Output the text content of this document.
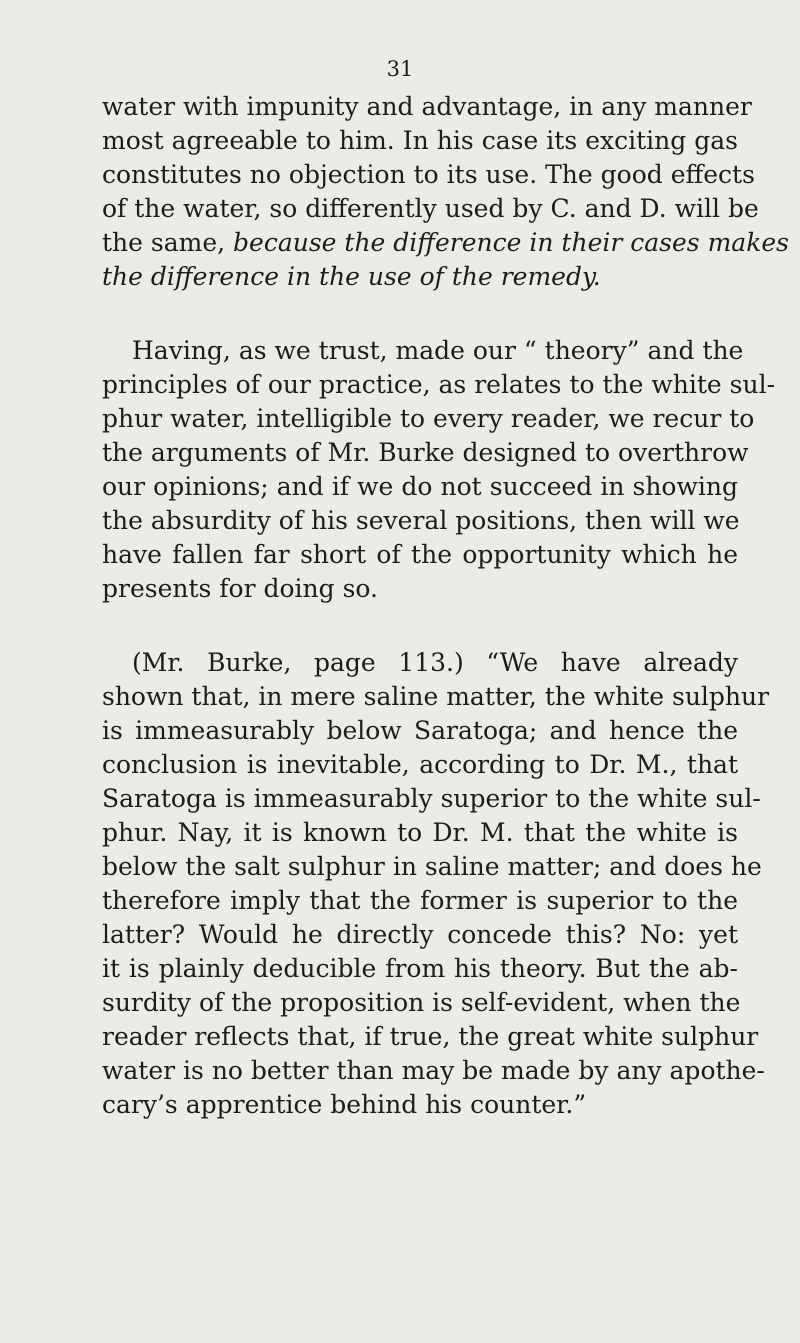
31
water with impunity and advantage, in any manner
most agreeable to him. In his case its exciting gas
constitutes no objection to its use. The good effects
of the water, so differently used by C. and D. will be
the same, because the difference in their cases makes
the difference in the use of the remedy.
Having, as we trust, made our “ theory” and the
principles of our practice, as relates to the white sul-
phur water, intelligible to every reader, we recur to
the arguments of Mr. Burke designed to overthrow
our opinions; and if we do not succeed in showing
the absurdity of his several positions, then will we
have fallen far short of the opportunity which he
presents for doing so.
(Mr. Burke, page 113.) “We have already
shown that, in mere saline matter, the white sulphur
is immeasurably below Saratoga; and hence the
conclusion is inevitable, according to Dr. M., that
Saratoga is immeasurably superior to the white sul-
phur. Nay, it is known to Dr. M. that the white is
below the salt sulphur in saline matter; and does he
therefore imply that the former is superior to the
latter? Would he directly concede this? No: yet
it is plainly deducible from his theory. But the ab-
surdity of the proposition is self-evident, when the
reader reflects that, if true, the great white sulphur
water is no better than may be made by any apothe-
cary’s apprentice behind his counter.”
